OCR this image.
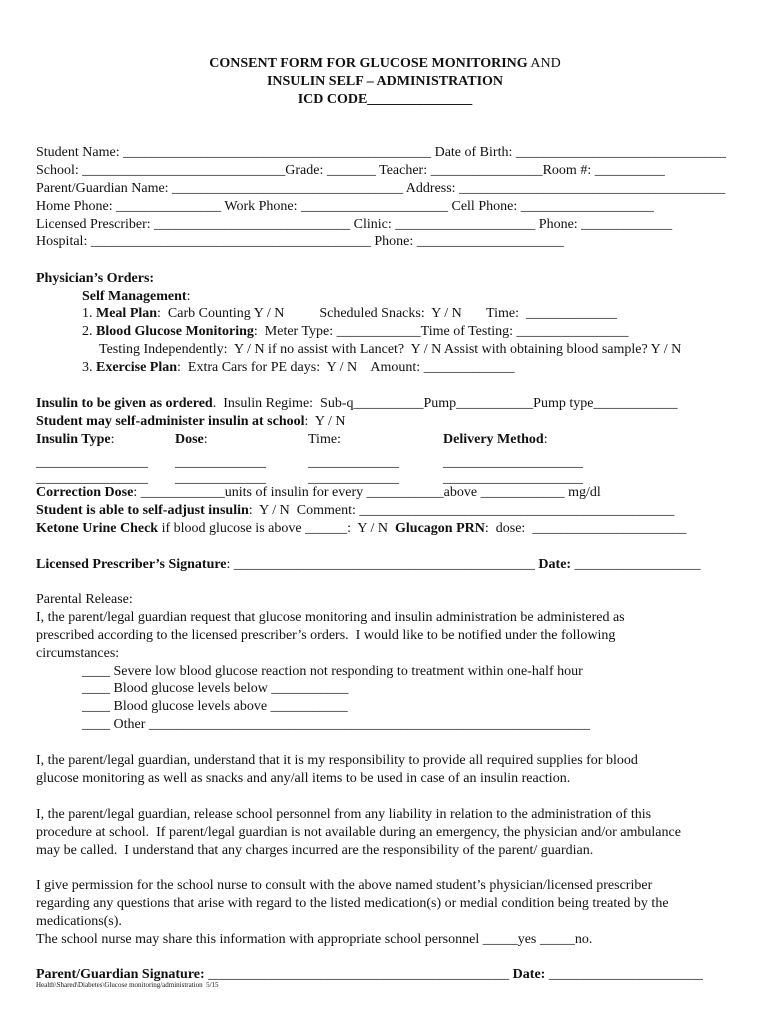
CONSENT FORM FOR GLUCOSE MONITORING AND
INSULIN SELF – ADMINISTRATION
ICD CODE_______________
Student Name: ____________________________________________ Date of Birth: ______________________________
School: _____________________________Grade: _______ Teacher: ________________Room #: __________
Parent/Guardian Name: _________________________________ Address: ______________________________________
Home Phone: _______________ Work Phone: _____________________ Cell Phone: ___________________
Licensed Prescriber: ____________________________ Clinic: ____________________ Phone: _____________
Hospital: ________________________________________ Phone: _____________________
Physician’s Orders:
Self Management:
1. Meal Plan:  Carb Counting Y / N          Scheduled Snacks:  Y / N       Time:  _____________
2. Blood Glucose Monitoring:  Meter Type: ____________Time of Testing: ________________
Testing Independently:  Y / N if no assist with Lancet?  Y / N Assist with obtaining blood sample? Y / N
3. Exercise Plan:  Extra Cars for PE days:  Y / N    Amount: _____________
Insulin to be given as ordered.  Insulin Regime:  Sub-q__________Pump___________Pump type____________
Student may self-administer insulin at school:  Y / N
Insulin Type:	Dose:	Time:	Delivery Method:
________________ _____________	_____________	____________________
________________ _____________	_____________	____________________
Correction Dose: ____________units of insulin for every ___________above ____________ mg/dl
Student is able to self-adjust insulin:  Y / N  Comment: _____________________________________________
Ketone Urine Check if blood glucose is above ______:  Y / N  Glucagon PRN:  dose:  ______________________
Licensed Prescriber’s Signature: ___________________________________________ Date: __________________
Parental Release:
I, the parent/legal guardian request that glucose monitoring and insulin administration be administered as
prescribed according to the licensed prescriber’s orders.  I would like to be notified under the following
circumstances:
____ Severe low blood glucose reaction not responding to treatment within one-half hour
____ Blood glucose levels below ___________
____ Blood glucose levels above ___________
____ Other _______________________________________________________________
I, the parent/legal guardian, understand that it is my responsibility to provide all required supplies for blood
glucose monitoring as well as snacks and any/all items to be used in case of an insulin reaction.
I, the parent/legal guardian, release school personnel from any liability in relation to the administration of this
procedure at school.  If parent/legal guardian is not available during an emergency, the physician and/or ambulance
may be called.  I understand that any charges incurred are the responsibility of the parent/ guardian.
I give permission for the school nurse to consult with the above named student’s physician/licensed prescriber
regarding any questions that arise with regard to the listed medication(s) or medial condition being treated by the
medications(s).
The school nurse may share this information with appropriate school personnel _____yes _____no.
Parent/Guardian Signature: ___________________________________________ Date: ______________________
Health\Shared\Diabetes\Glucose monitoring/administration  5/15
